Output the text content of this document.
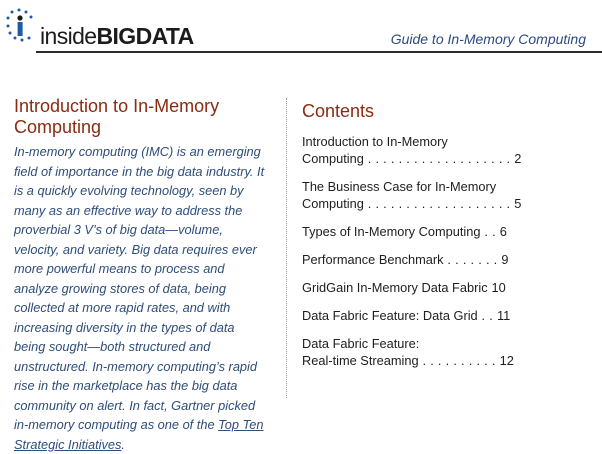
insideBIGDATA	Guide to In-Memory Computing
Introduction to In-Memory Computing

In-memory computing (IMC) is an emerging field of importance in the big data industry. It is a quickly evolving technology, seen by many as an effective way to address the proverbial 3 V’s of big data—volume, velocity, and variety. Big data requires ever more powerful means to process and analyze growing stores of data, being collected at more rapid rates, and with increasing diversity in the types of data being sought—both structured and unstructured. In-memory computing’s rapid rise in the marketplace has the big data community on alert. In fact, Gartner picked in-memory computing as one of the Top Ten Strategic Initiatives.

Contents
Introduction to In-Memory
Computing . . . . . . . . . . . . . . . . . . . 2
The Business Case for In-Memory
Computing . . . . . . . . . . . . . . . . . . . 5
Types of In-Memory Computing . . 6
Performance Benchmark . . . . . . . 9
GridGain In-Memory Data Fabric 10
Data Fabric Feature: Data Grid . . 11
Data Fabric Feature:
Real-time Streaming . . . . . . . . . . 12
